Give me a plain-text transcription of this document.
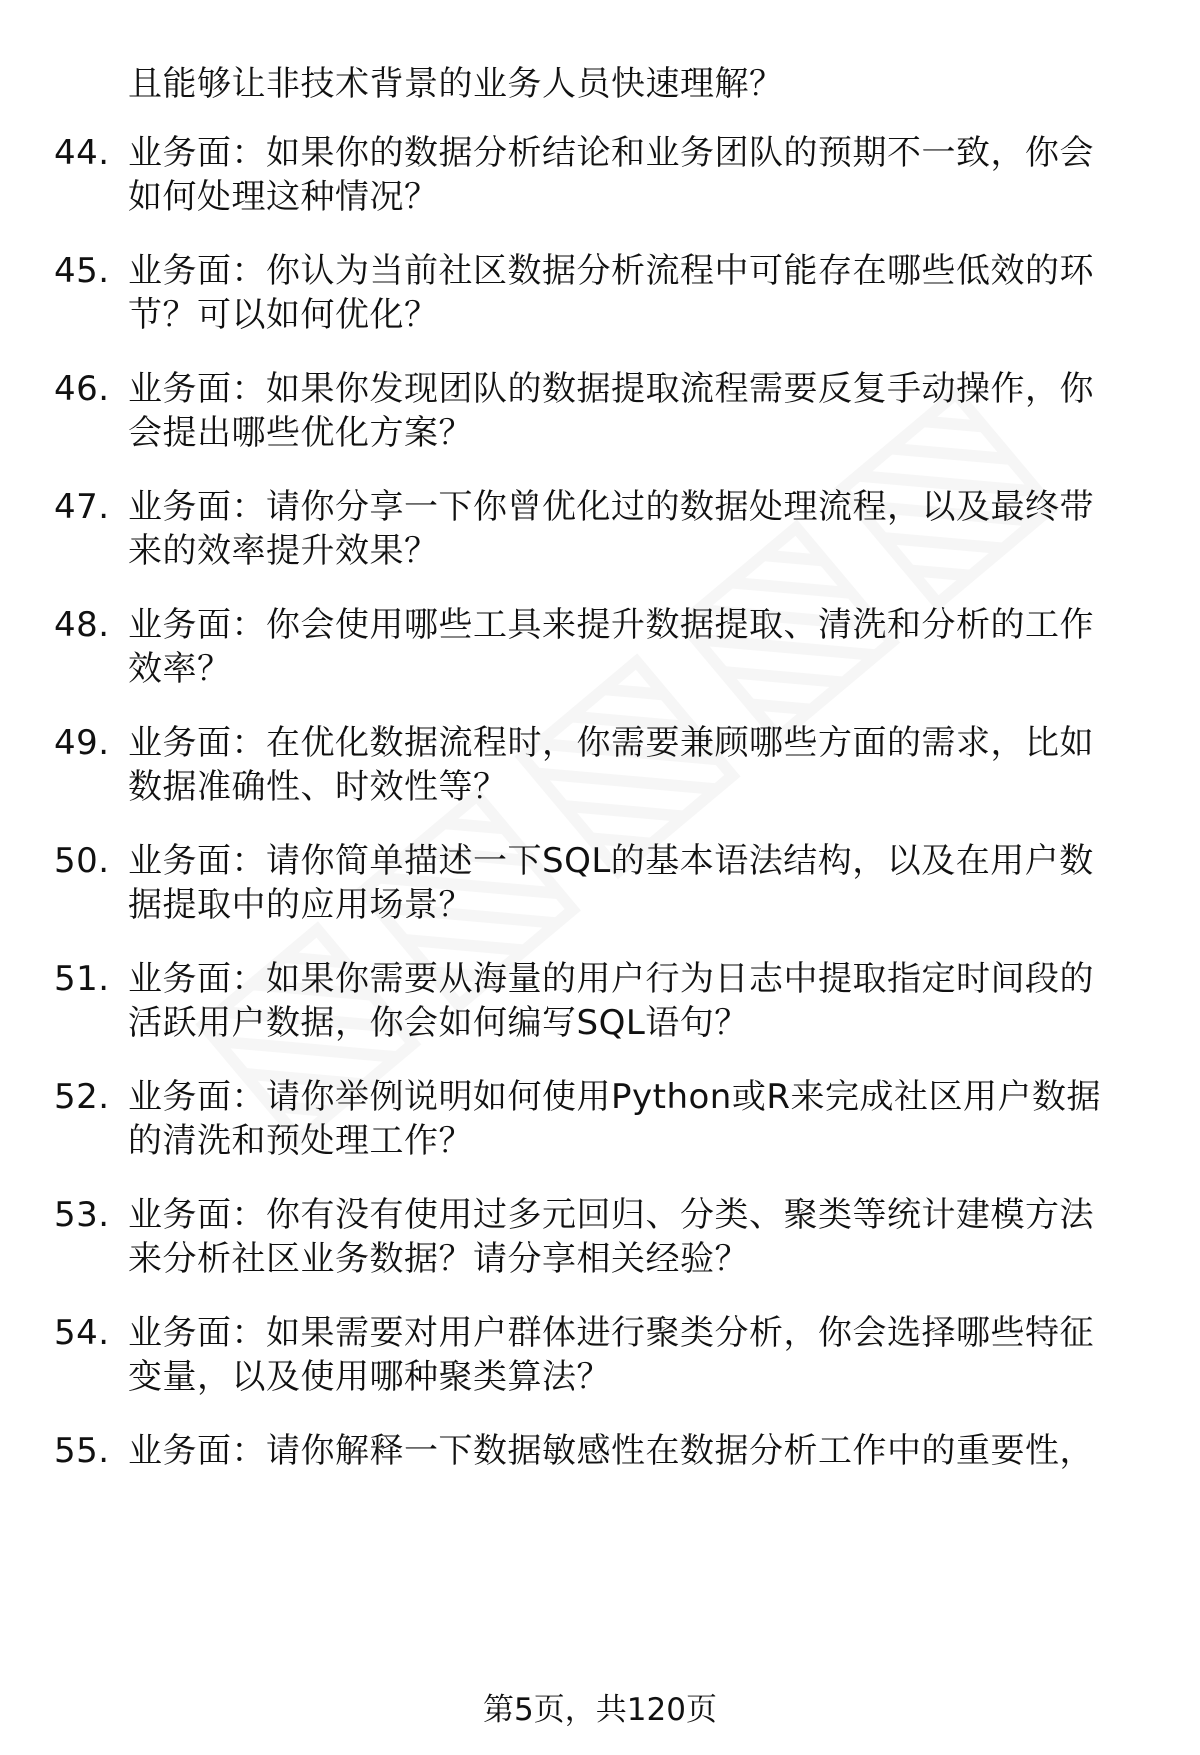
且能够让非技术背景的业务人员快速理解？
44. 业务面：如果你的数据分析结论和业务团队的预期不一致，你会
如何处理这种情况？
45. 业务面：你认为当前社区数据分析流程中可能存在哪些低效的环
节？可以如何优化？
46. 业务面：如果你发现团队的数据提取流程需要反复手动操作，你
会提出哪些优化方案？
47. 业务面：请你分享一下你曾优化过的数据处理流程，以及最终带
来的效率提升效果？
48. 业务面：你会使用哪些工具来提升数据提取、清洗和分析的工作
效率？
49. 业务面：在优化数据流程时，你需要兼顾哪些方面的需求，比如
数据准确性、时效性等？
50. 业务面：请你简单描述一下SQL的基本语法结构，以及在用户数
据提取中的应用场景？
51. 业务面：如果你需要从海量的用户行为日志中提取指定时间段的
活跃用户数据，你会如何编写SQL语句？
52. 业务面：请你举例说明如何使用Python或R来完成社区用户数据
的清洗和预处理工作？
53. 业务面：你有没有使用过多元回归、分类、聚类等统计建模方法
来分析社区业务数据？请分享相关经验？
54. 业务面：如果需要对用户群体进行聚类分析，你会选择哪些特征
变量，以及使用哪种聚类算法？
55. 业务面：请你解释一下数据敏感性在数据分析工作中的重要性，
第5页，共120页
